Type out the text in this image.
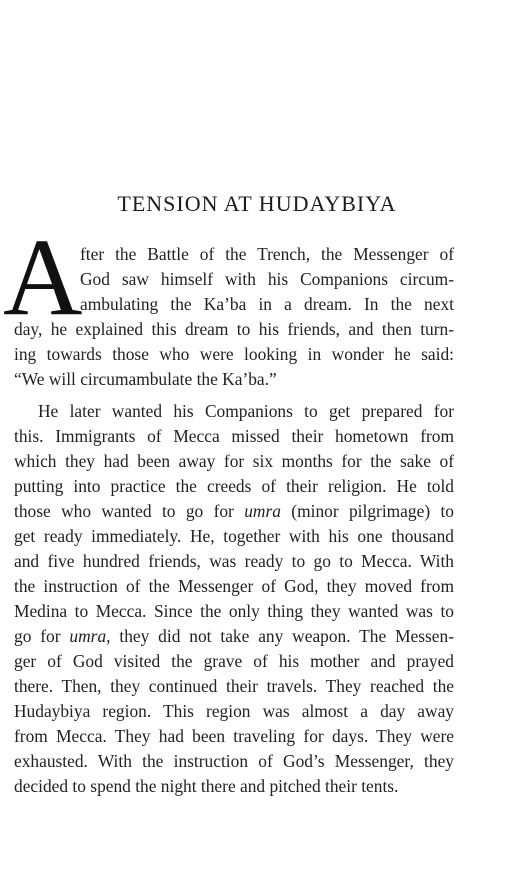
TENSION AT HUDAYBIYA
A
fter the Battle of the Trench, the Messenger of
God saw himself with his Companions circum-
ambulating the Ka’ba in a dream. In the next
day, he explained this dream to his friends, and then turn-
ing towards those who were looking in wonder he said:
“We will circumambulate the Ka’ba.”
He later wanted his Companions to get prepared for
this. Immigrants of Mecca missed their hometown from
which they had been away for six months for the sake of
putting into practice the creeds of their religion. He told
those who wanted to go for umra (minor pilgrimage) to
get ready immediately. He, together with his one thousand
and five hundred friends, was ready to go to Mecca. With
the instruction of the Messenger of God, they moved from
Medina to Mecca. Since the only thing they wanted was to
go for umra, they did not take any weapon. The Messen-
ger of God visited the grave of his mother and prayed
there. Then, they continued their travels. They reached the
Hudaybiya region. This region was almost a day away
from Mecca. They had been traveling for days. They were
exhausted. With the instruction of God’s Messenger, they
decided to spend the night there and pitched their tents.
